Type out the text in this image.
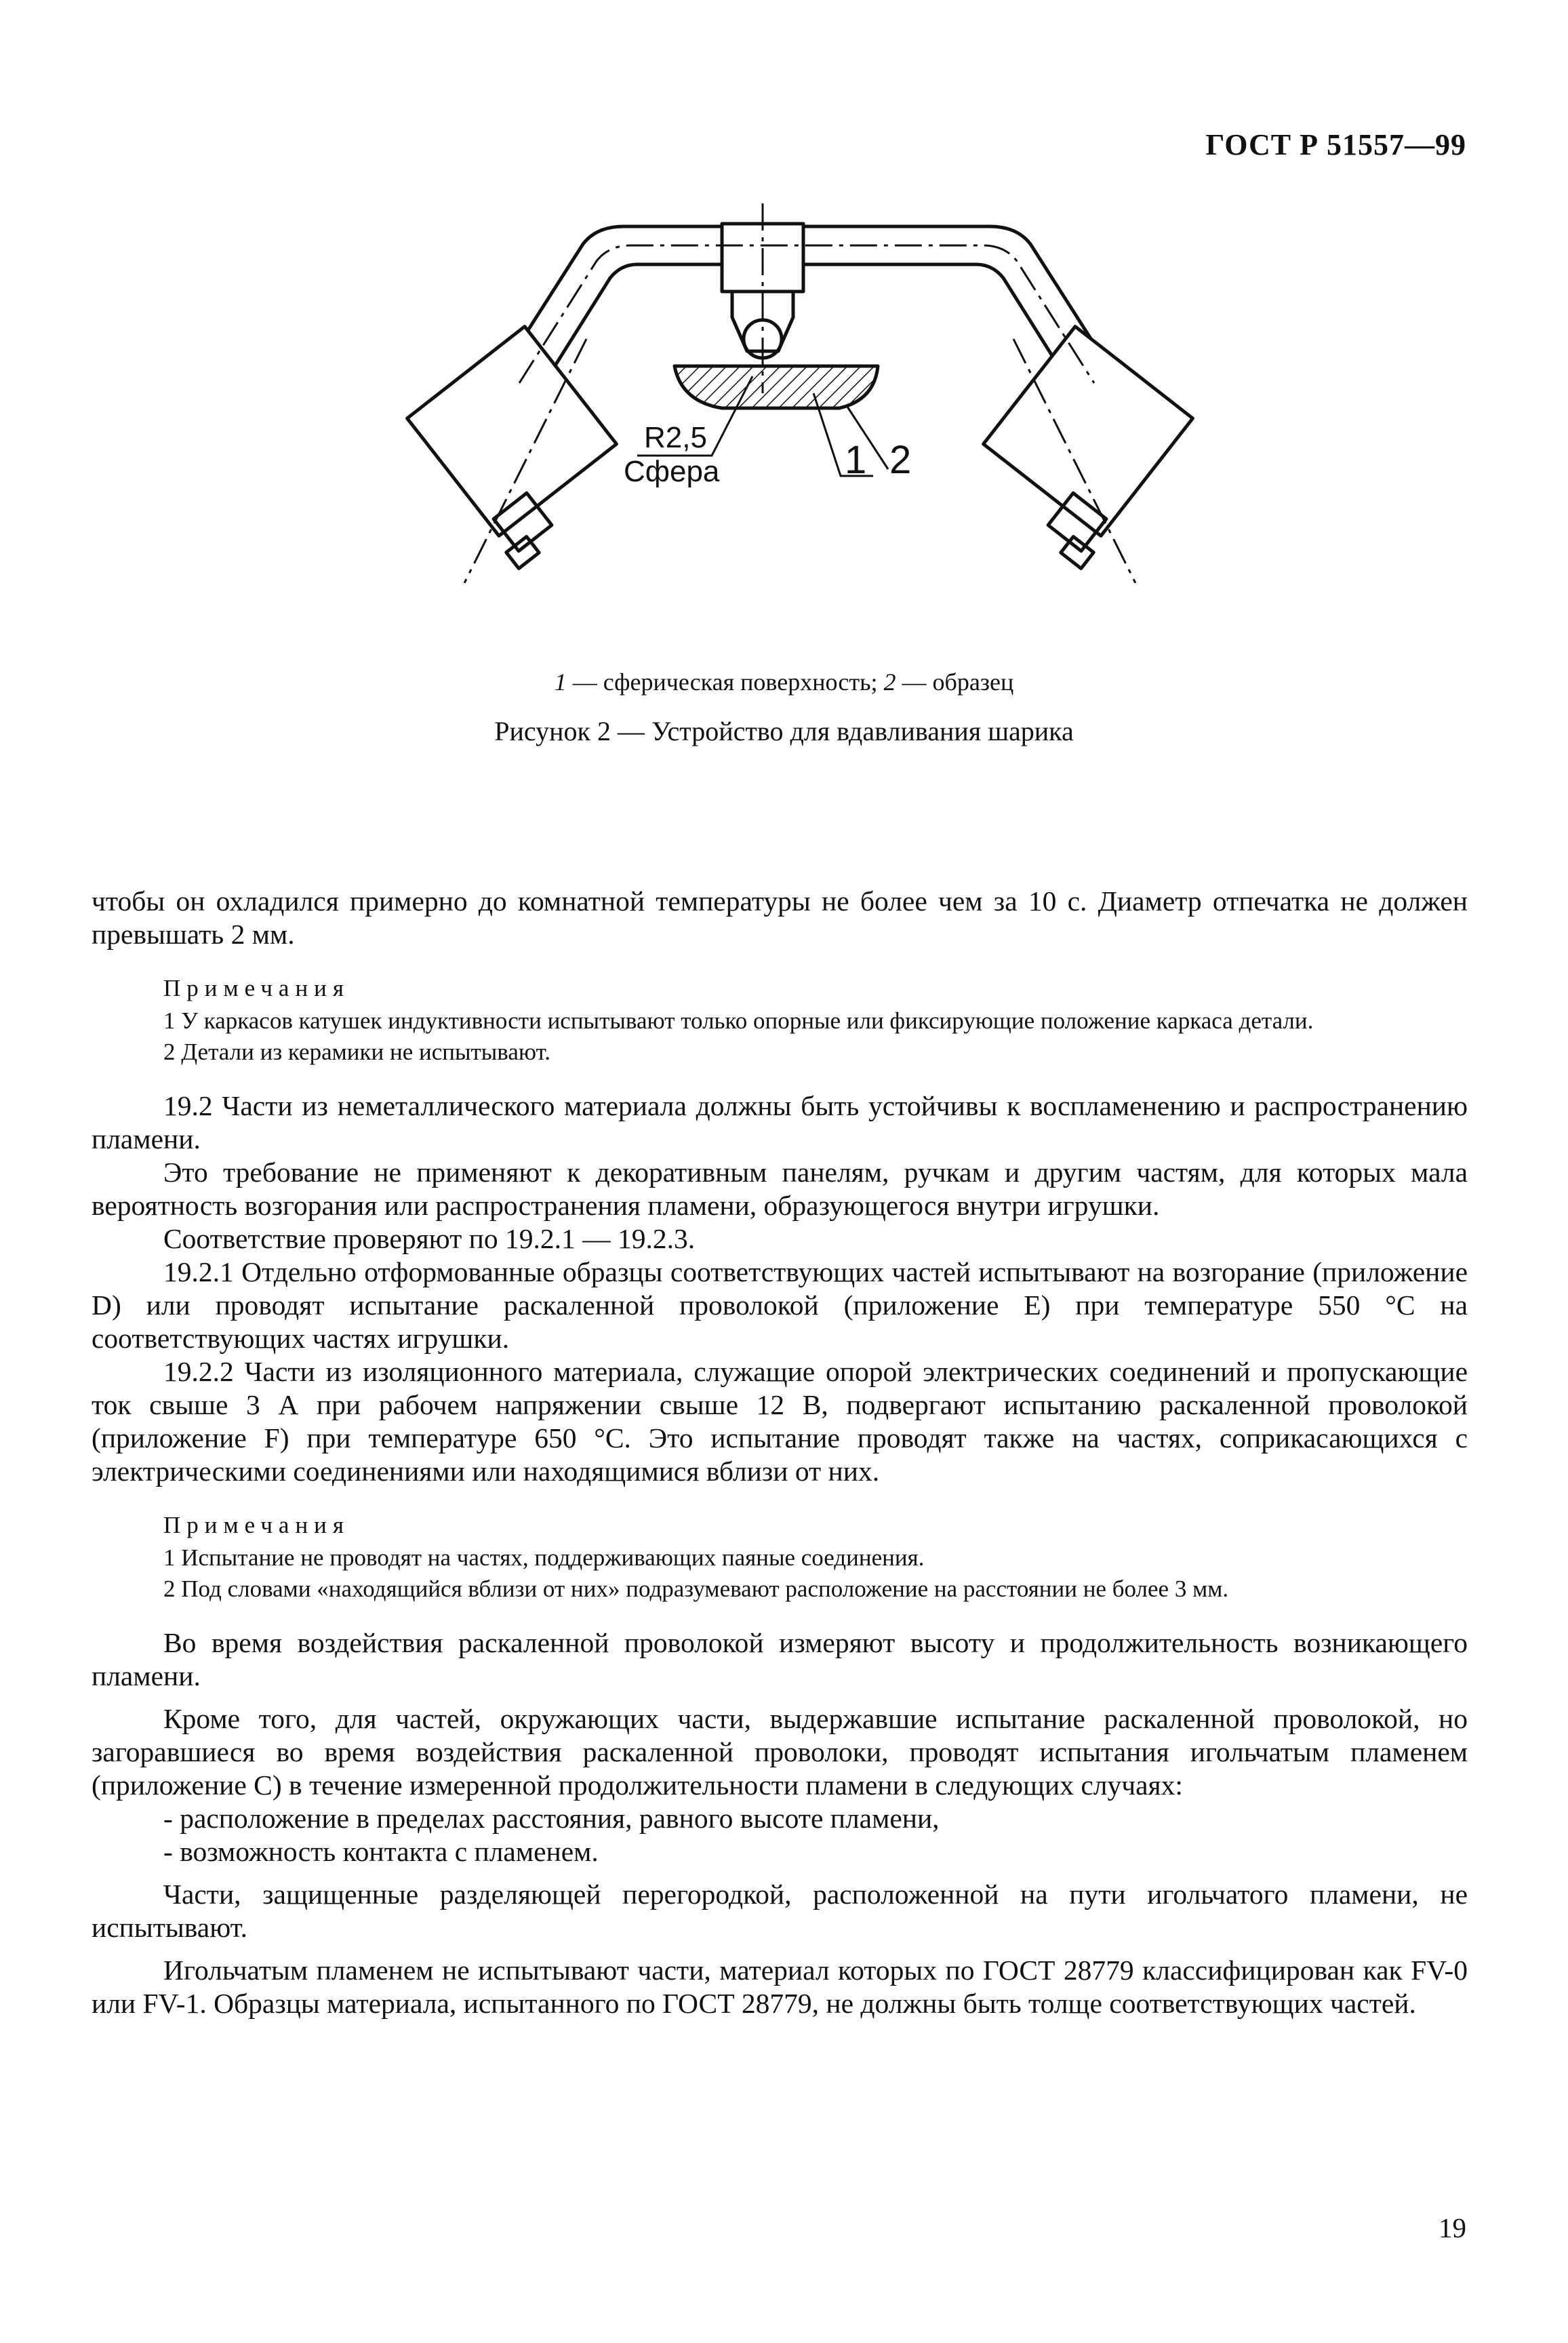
ГОСТ Р 51557—99
R2,5
Сфера	1 2
1 — сферическая поверхность; 2 — образец
Рисунок 2 — Устройство для вдавливания шарика

чтобы он охладился примерно до комнатной температуры не более чем за 10 с. Диаметр отпечатка не должен превышать 2 мм.

Примечания

1 У каркасов катушек индуктивности испытывают только опорные или фиксирующие положение каркаса детали.

2 Детали из керамики не испытывают.

19.2 Части из неметаллического материала должны быть устойчивы к воспламенению и распространению пламени.

Это требование не применяют к декоративным панелям, ручкам и другим частям, для которых мала вероятность возгорания или распространения пламени, образующегося внутри игрушки.

Соответствие проверяют по 19.2.1 — 19.2.3.

19.2.1 Отдельно отформованные образцы соответствующих частей испытывают на возгорание (приложение D) или проводят испытание раскаленной проволокой (приложение Е) при температуре 550 °С на соответствующих частях игрушки.

19.2.2 Части из изоляционного материала, служащие опорой электрических соединений и пропускающие ток свыше 3 А при рабочем напряжении свыше 12 В, подвергают испытанию раскаленной проволокой (приложение F) при температуре 650 °С. Это испытание проводят также на частях, соприкасающихся с электрическими соединениями или находящимися вблизи от них.

Примечания

1 Испытание не проводят на частях, поддерживающих паяные соединения.

2 Под словами «находящийся вблизи от них» подразумевают расположение на расстоянии не более 3 мм.

Во время воздействия раскаленной проволокой измеряют высоту и продолжительность возникающего пламени.

Кроме того, для частей, окружающих части, выдержавшие испытание раскаленной проволокой, но загоравшиеся во время воздействия раскаленной проволоки, проводят испытания игольчатым пламенем (приложение С) в течение измеренной продолжительности пламени в следующих случаях:

- расположение в пределах расстояния, равного высоте пламени,

- возможность контакта с пламенем.

Части, защищенные разделяющей перегородкой, расположенной на пути игольчатого пламени, не испытывают.

Игольчатым пламенем не испытывают части, материал которых по ГОСТ 28779 классифицирован как FV-0 или FV-1. Образцы материала, испытанного по ГОСТ 28779, не должны быть толще соответствующих частей.

19
